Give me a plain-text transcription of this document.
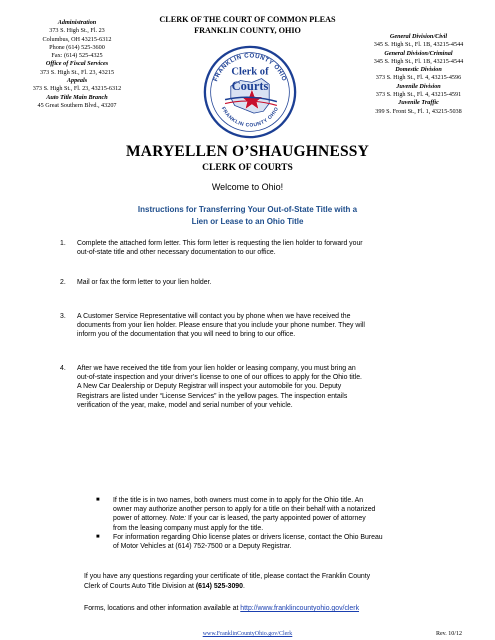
CLERK OF THE COURT OF COMMON PLEAS
FRANKLIN COUNTY, OHIO
Administration
373 S. High St., Fl. 23
Columbus, OH 43215-6312
Phone (614) 525-3600
Fax: (614) 525-4325
Office of Fiscal Services
373 S. High St., Fl. 23, 43215
Appeals
373 S. High St., Fl. 23, 43215-6312
Auto Title Main Branch
45 Great Southern Blvd., 43207
General Division/Civil
345 S. High St., Fl. 1B, 43215-4544
General Division/Criminal
345 S. High St., Fl. 1B, 43215-4544
Domestic Division
373 S. High St., Fl. 4, 43215-4596
Juvenile Division
373 S. High St., Fl. 4, 43215-4591
Juvenile Traffic
399 S. Front St., Fl. 1, 43215-5038
FRANKLIN COUNTY OHIO
Clerk of
Courts
FRANKLIN COUNTY OHIO
MARYELLEN O’SHAUGHNESSY
CLERK OF COURTS
Welcome to Ohio!
Instructions for Transferring Your Out-of-State Title with a
Lien or Lease to an Ohio Title
1. Complete the attached form letter. This form letter is requesting the lien holder to forward your
out-of-state title and other necessary documentation to our office.
2. Mail or fax the form letter to your lien holder.
3. A Customer Service Representative will contact you by phone when we have received the
documents from your lien holder. Please ensure that you include your phone number. They will
inform you of the documentation that you will need to bring to our office.
4. After we have received the title from your lien holder or leasing company, you must bring an
out-of-state inspection and your driver’s license to one of our offices to apply for the Ohio title.
A New Car Dealership or Deputy Registrar will inspect your automobile for you. Deputy
Registrars are listed under “License Services” in the yellow pages. The inspection entails
verification of the year, make, model and serial number of your vehicle.
■ If the title is in two names, both owners must come in to apply for the Ohio title. An
owner may authorize another person to apply for a title on their behalf with a notarized
power of attorney. Note: If your car is leased, the party appointed power of attorney
from the leasing company must apply for the title.
■ For information regarding Ohio license plates or drivers license, contact the Ohio Bureau
of Motor Vehicles at (614) 752-7500 or a Deputy Registrar.
If you have any questions regarding your certificate of title, please contact the Franklin County
Clerk of Courts Auto Title Division at (614) 525-3090.
Forms, locations and other information available at http://www.franklincountyohio.gov/clerk
www.FranklinCountyOhio.gov/Clerk	Rev. 10/12
